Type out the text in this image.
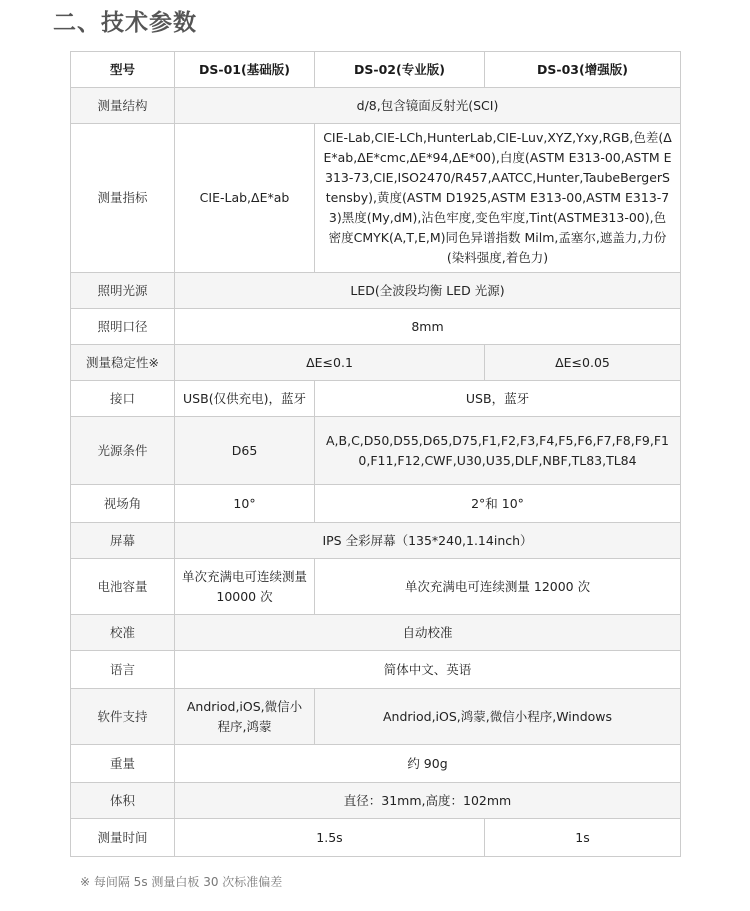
二、技术参数
型号	DS-01(基础版)	DS-02(专业版)	DS-03(增强版)
测量结构	d/8,包含镜面反射光(SCI)		
测量指标	CIE-Lab,ΔE*ab	CIE-Lab,CIE-LCh,HunterLab,CIE-Luv,XYZ,Yxy,RGB,色差(ΔE*ab,ΔE*cmc,ΔE*94,ΔE*00),白度(ASTM E313-00,ASTM E313-73,CIE,ISO2470/R457,AATCC,Hunter,TaubeBergerStensby),黄度(ASTM D1925,ASTM E313-00,ASTM E313-73)黑度(My,dM),沾色牢度,变色牢度,Tint(ASTME313-00),色密度CMYK(A,T,E,M)同色异谱指数 Milm,孟塞尔,遮盖力,力份(染料强度,着色力)	
照明光源	LED(全波段均衡 LED 光源)		
照明口径	8mm		
测量稳定性※	ΔE≤0.1		ΔE≤0.05
接口	USB(仅供充电)，蓝牙	USB，蓝牙	
光源条件	D65	A,B,C,D50,D55,D65,D75,F1,F2,F3,F4,F5,F6,F7,F8,F9,F10,F11,F12,CWF,U30,U35,DLF,NBF,TL83,TL84	
视场角	10°	2°和 10°	
屏幕	IPS 全彩屏幕（135*240,1.14inch）		
电池容量	单次充满电可连续测量 10000 次	单次充满电可连续测量 12000 次	
校准	自动校准		
语言	简体中文、英语		
软件支持	Andriod,iOS,微信小程序,鸿蒙	Andriod,iOS,鸿蒙,微信小程序,Windows	
重量	约 90g		
体积	直径：31mm,高度：102mm		
测量时间	1.5s		1s

※ 每间隔 5s 测量白板 30 次标准偏差
